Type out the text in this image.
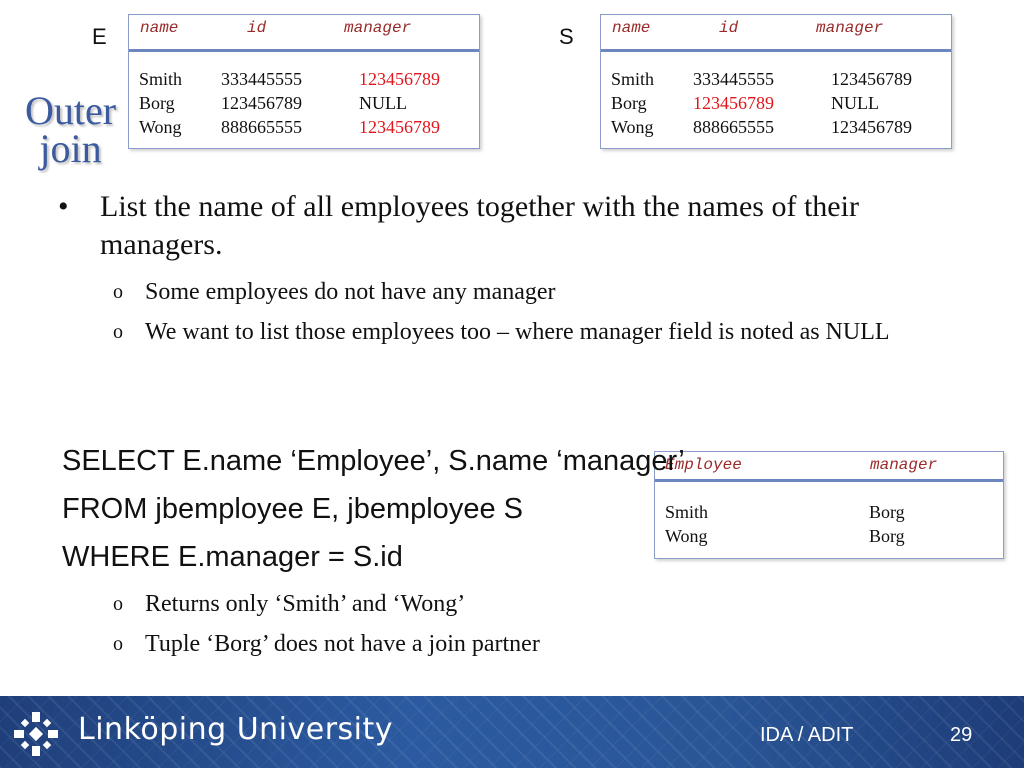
Outer
join
E	S
name	id	manager
Smith 333445555	123456789
Borg	123456789	NULL
Wong 888665555	123456789
name	id	manager
Smith 333445555	123456789
Borg	123456789	NULL
Wong 888665555	123456789
• List the name of all employees together with the names of their managers.
o Some employees do not have any manager
o We want to list those employees too – where manager field is noted as NULL
Employee	manager
Smith	Borg
Wong	Borg
SELECT E.name ‘Employee’, S.name ‘manager’
FROM jbemployee E, jbemployee S
WHERE E.manager = S.id
o Returns only ‘Smith’ and ‘Wong’
o Tuple ‘Borg’ does not have a join partner
Linköping University	IDA / ADIT	29
